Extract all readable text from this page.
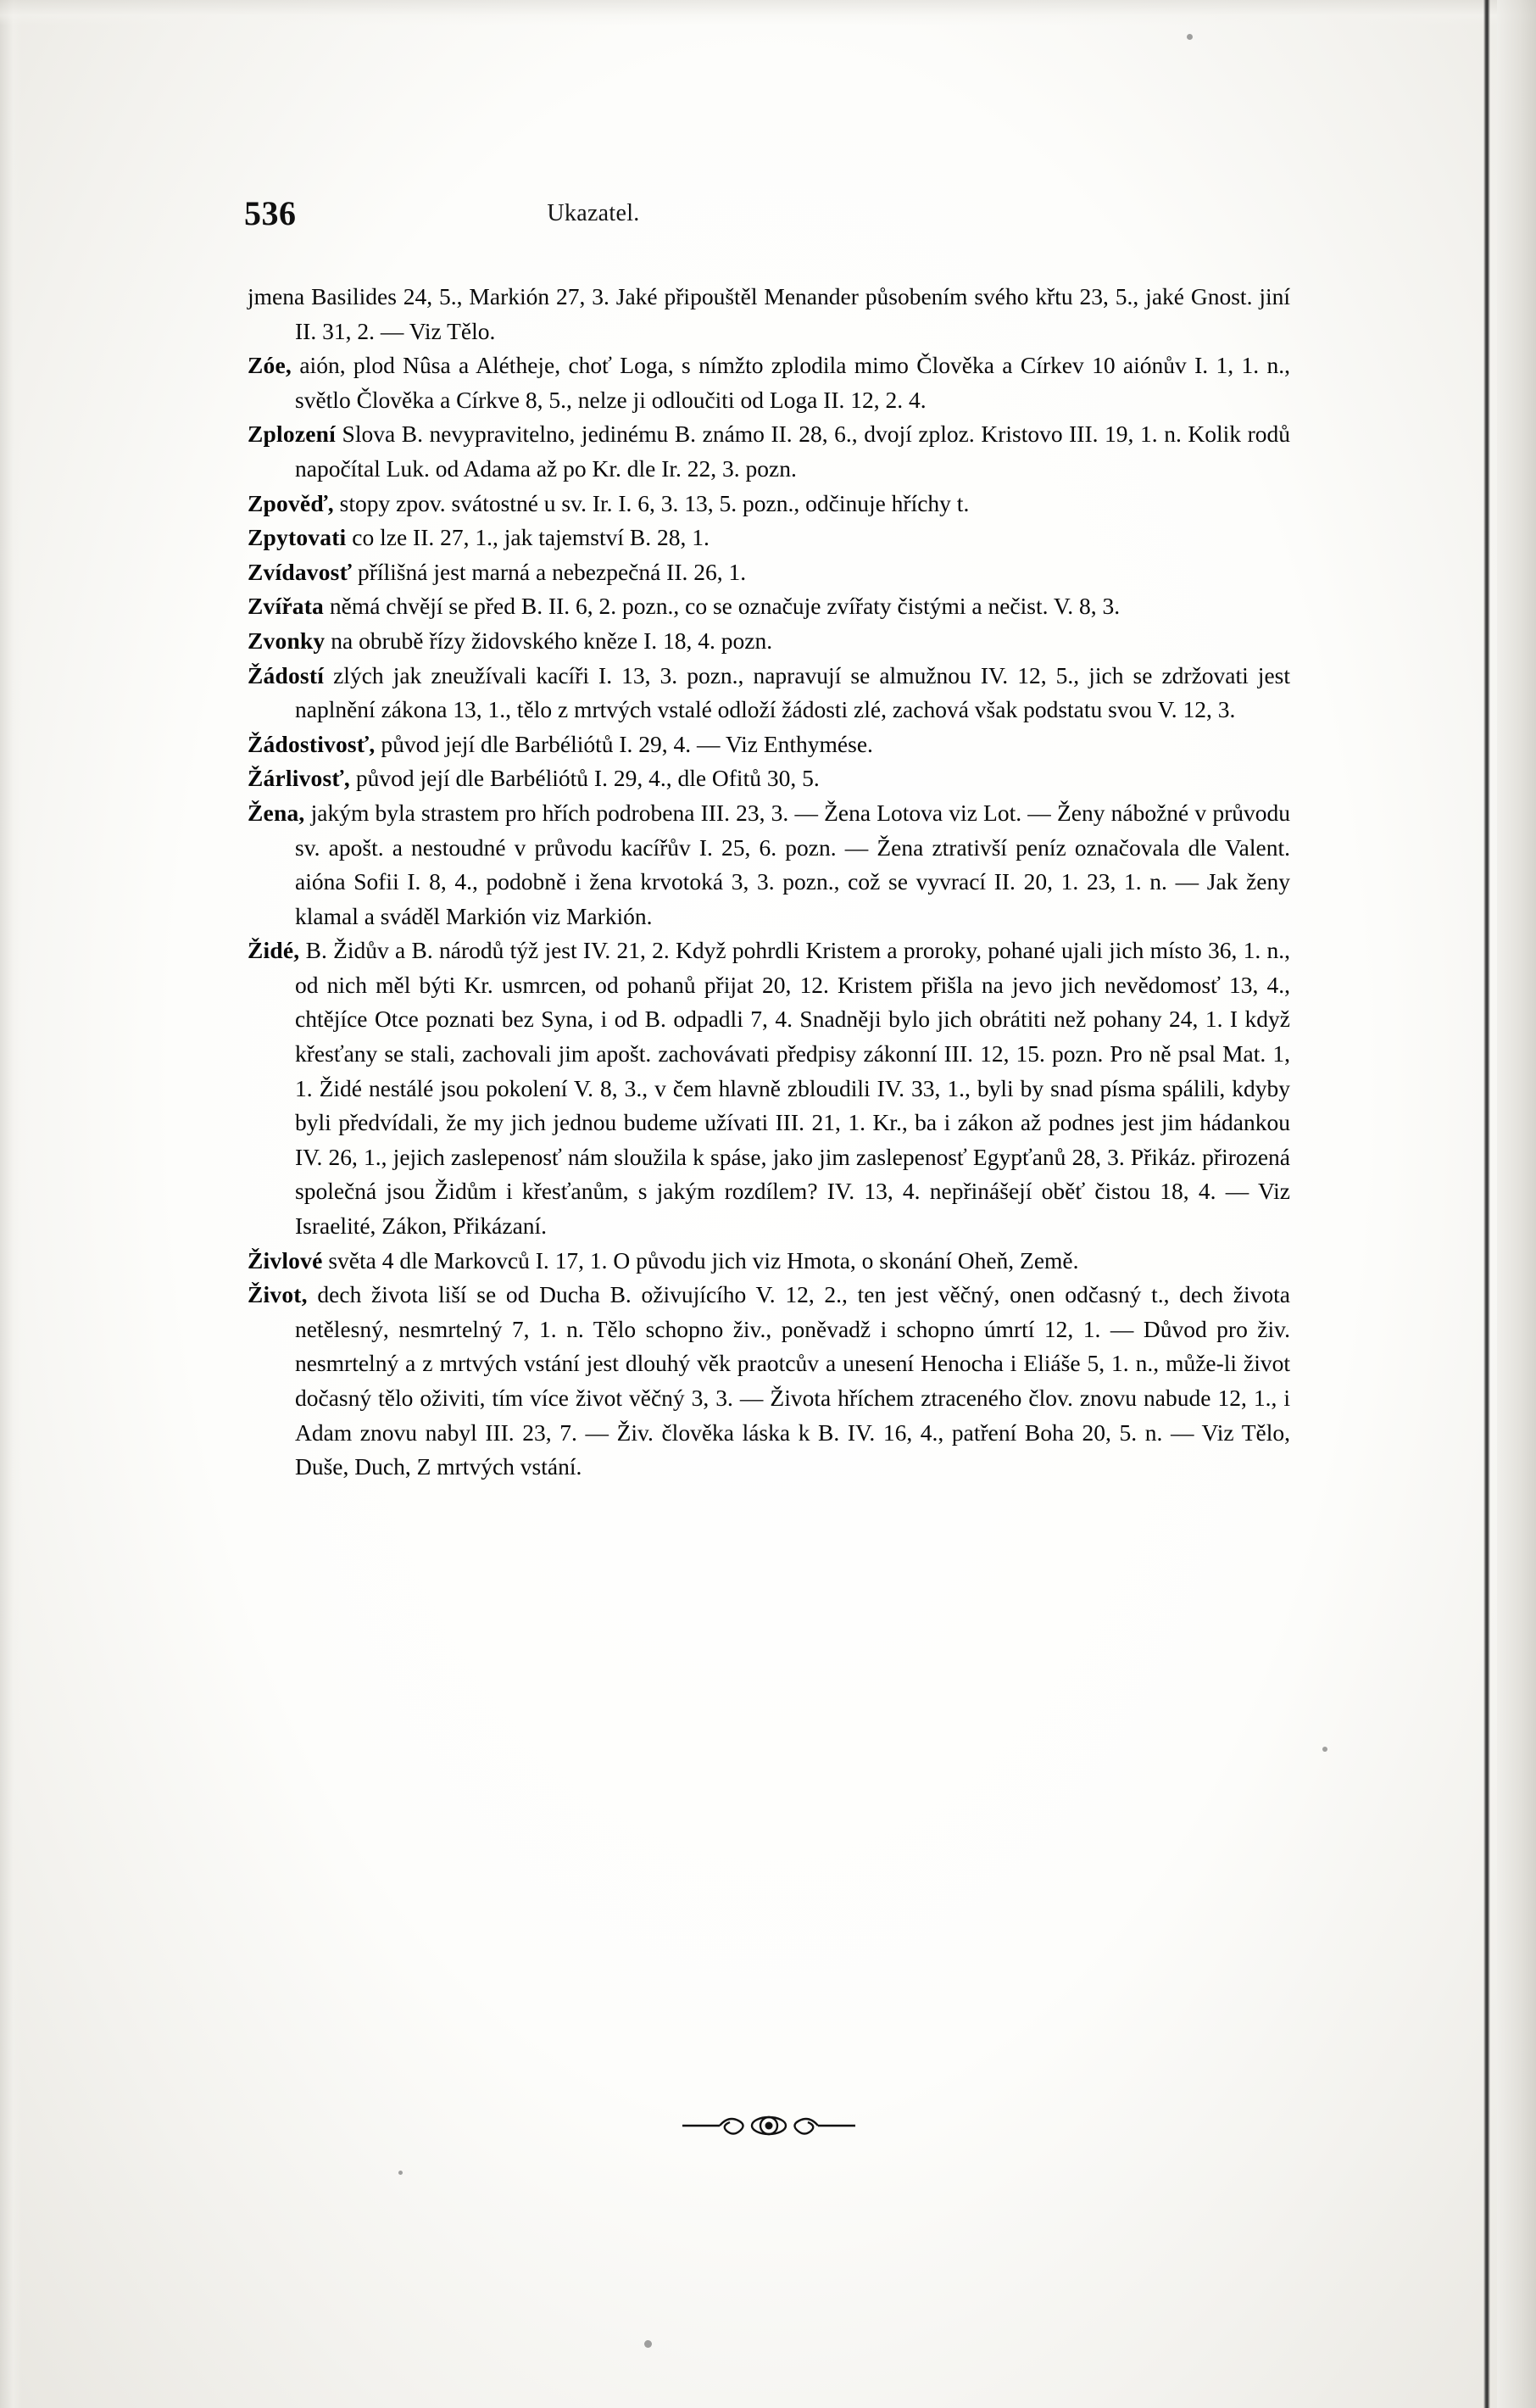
536	Ukazatel.

jmena Basilides 24, 5., Markión 27, 3. Jaké připouštěl Menander působením svého křtu 23, 5., jaké Gnost. jiní II. 31, 2. — Viz Tělo.

Zóe, aión, plod Nûsa a Alétheje, choť Loga, s nímžto zplodila mimo Člověka a Církev 10 aiónův I. 1, 1. n., světlo Člověka a Církve 8, 5., nelze ji odloučiti od Loga II. 12, 2. 4.

Zplození Slova B. nevypravitelno, jedinému B. známo II. 28, 6., dvojí zploz. Kristovo III. 19, 1. n. Kolik rodů napočítal Luk. od Adama až po Kr. dle Ir. 22, 3. pozn.

Zpověď, stopy zpov. svátostné u sv. Ir. I. 6, 3. 13, 5. pozn., odčinuje hříchy t.

Zpytovati co lze II. 27, 1., jak tajemství B. 28, 1.

Zvídavosť přílišná jest marná a nebezpečná II. 26, 1.

Zvířata němá chvějí se před B. II. 6, 2. pozn., co se označuje zvířaty čistými a nečist. V. 8, 3.

Zvonky na obrubě řízy židovského kněze I. 18, 4. pozn.

Žádostí zlých jak zneužívali kacíři I. 13, 3. pozn., napravují se almužnou IV. 12, 5., jich se zdržovati jest naplnění zákona 13, 1., tělo z mrtvých vstalé odloží žádosti zlé, zachová však podstatu svou V. 12, 3.

Žádostivosť, původ její dle Barbéliótů I. 29, 4. — Viz Enthymése.

Žárlivosť, původ její dle Barbéliótů I. 29, 4., dle Ofitů 30, 5.

Žena, jakým byla strastem pro hřích podrobena III. 23, 3. — Žena Lotova viz Lot. — Ženy nábožné v průvodu sv. apošt. a nestoudné v průvodu kacířův I. 25, 6. pozn. — Žena ztrativší peníz označovala dle Valent. aióna Sofii I. 8, 4., podobně i žena krvotoká 3, 3. pozn., což se vyvrací II. 20, 1. 23, 1. n. — Jak ženy klamal a sváděl Markión viz Markión.

Židé, B. Židův a B. národů týž jest IV. 21, 2. Když pohrdli Kristem a proroky, pohané ujali jich místo 36, 1. n., od nich měl býti Kr. usmrcen, od pohanů přijat 20, 12. Kristem přišla na jevo jich nevědomosť 13, 4., chtějíce Otce poznati bez Syna, i od B. odpadli 7, 4. Snadněji bylo jich obrátiti než pohany 24, 1. I když křesťany se stali, zachovali jim apošt. zachovávati předpisy zákonní III. 12, 15. pozn. Pro ně psal Mat. 1, 1. Židé nestálé jsou pokolení V. 8, 3., v čem hlavně zbloudili IV. 33, 1., byli by snad písma spálili, kdyby byli předvídali, že my jich jednou budeme užívati III. 21, 1. Kr., ba i zákon až podnes jest jim hádankou IV. 26, 1., jejich zaslepenosť nám sloužila k spáse, jako jim zaslepenosť Egypťanů 28, 3. Přikáz. přirozená společná jsou Židům i křesťanům, s jakým rozdílem? IV. 13, 4. nepřinášejí oběť čistou 18, 4. — Viz Israelité, Zákon, Přikázaní.

Živlové světa 4 dle Markovců I. 17, 1. O původu jich viz Hmota, o skonání Oheň, Země.

Život, dech života liší se od Ducha B. oživujícího V. 12, 2., ten jest věčný, onen odčasný t., dech života netělesný, nesmrtelný 7, 1. n. Tělo schopno živ., poněvadž i schopno úmrtí 12, 1. — Důvod pro živ. nesmrtelný a z mrtvých vstání jest dlouhý věk praotcův a unesení Henocha i Eliáše 5, 1. n., může-li život dočasný tělo oživiti, tím více život věčný 3, 3. — Života hříchem ztraceného člov. znovu nabude 12, 1., i Adam znovu nabyl III. 23, 7. — Živ. člověka láska k B. IV. 16, 4., patření Boha 20, 5. n. — Viz Tělo, Duše, Duch, Z mrtvých vstání.
